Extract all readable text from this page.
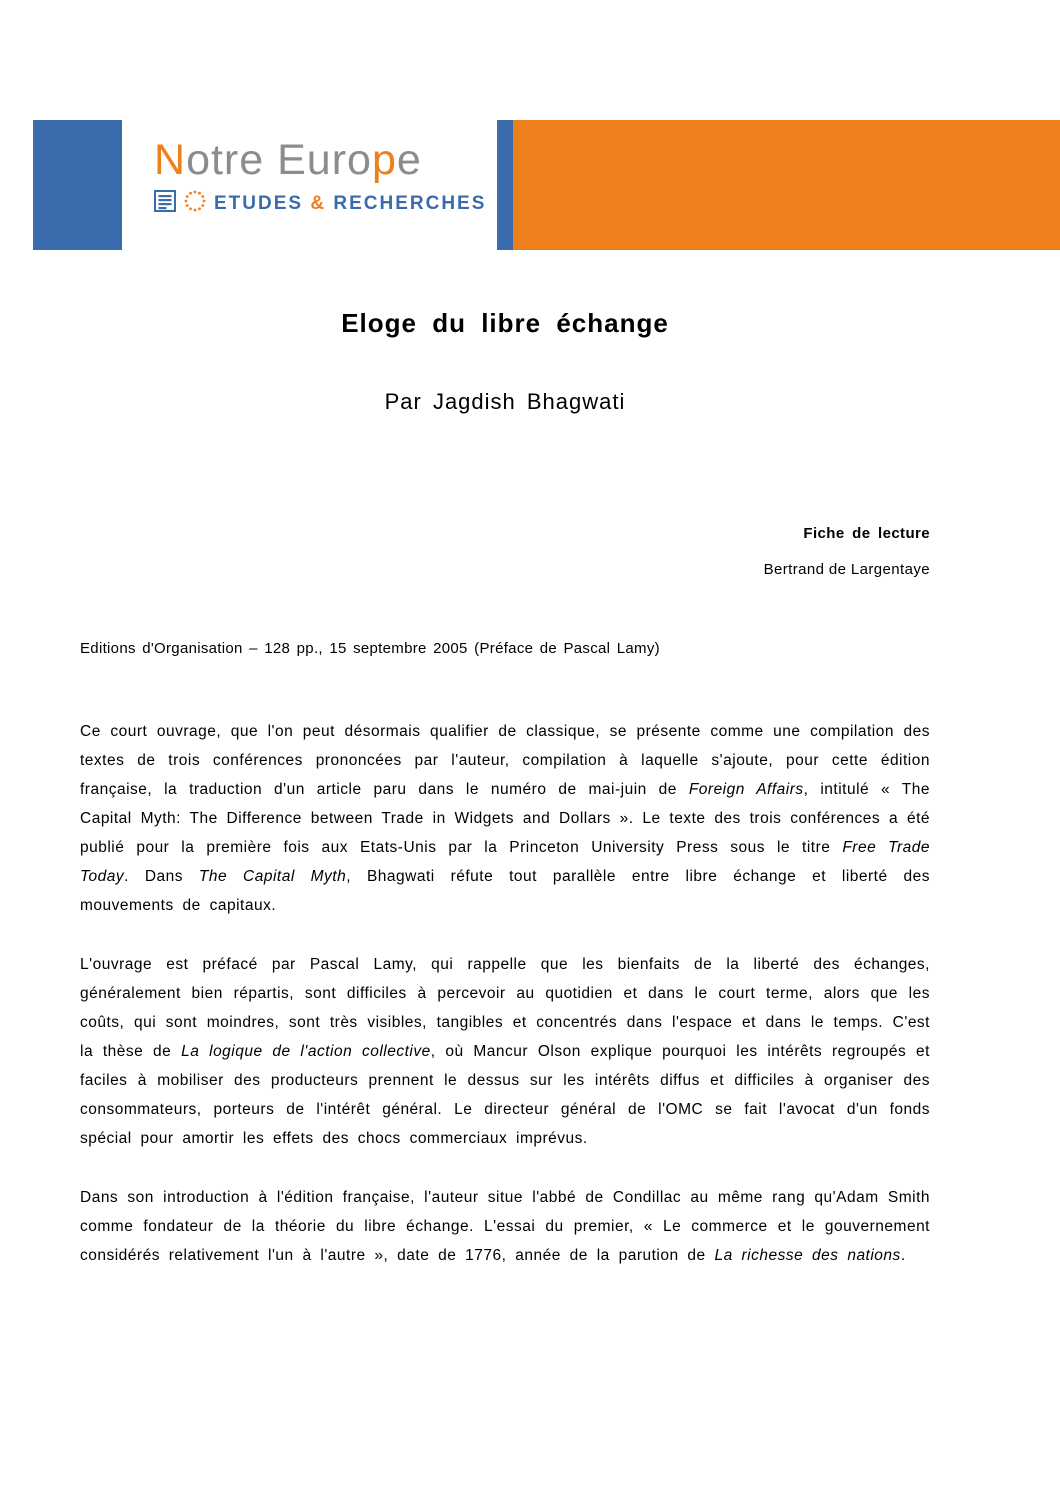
Notre Europe
ETUDES & RECHERCHES
Eloge du libre échange
Par Jagdish Bhagwati
Fiche de lecture
Bertrand de Largentaye
Editions d'Organisation – 128 pp., 15 septembre 2005 (Préface de Pascal Lamy)

Ce court ouvrage, que l'on peut désormais qualifier de classique, se présente comme une compilation des textes de trois conférences prononcées par l'auteur, compilation à laquelle s'ajoute, pour cette édition française, la traduction d'un article paru dans le numéro de mai-juin de Foreign Affairs, intitulé « The Capital Myth: The Difference between Trade in Widgets and Dollars ». Le texte des trois conférences a été publié pour la première fois aux Etats-Unis par la Princeton University Press sous le titre Free Trade Today. Dans The Capital Myth, Bhagwati réfute tout parallèle entre libre échange et liberté des mouvements de capitaux.

L'ouvrage est préfacé par Pascal Lamy, qui rappelle que les bienfaits de la liberté des échanges, généralement bien répartis, sont difficiles à percevoir au quotidien et dans le court terme, alors que les coûts, qui sont moindres, sont très visibles, tangibles et concentrés dans l'espace et dans le temps. C'est la thèse de La logique de l'action collective, où Mancur Olson explique pourquoi les intérêts regroupés et faciles à mobiliser des producteurs prennent le dessus sur les intérêts diffus et difficiles à organiser des consommateurs, porteurs de l'intérêt général. Le directeur général de l'OMC se fait l'avocat d'un fonds spécial pour amortir les effets des chocs commerciaux imprévus.

Dans son introduction à l'édition française, l'auteur situe l'abbé de Condillac au même rang qu'Adam Smith comme fondateur de la théorie du libre échange. L'essai du premier, « Le commerce et le gouvernement considérés relativement l'un à l'autre », date de 1776, année de la parution de La richesse des nations.
